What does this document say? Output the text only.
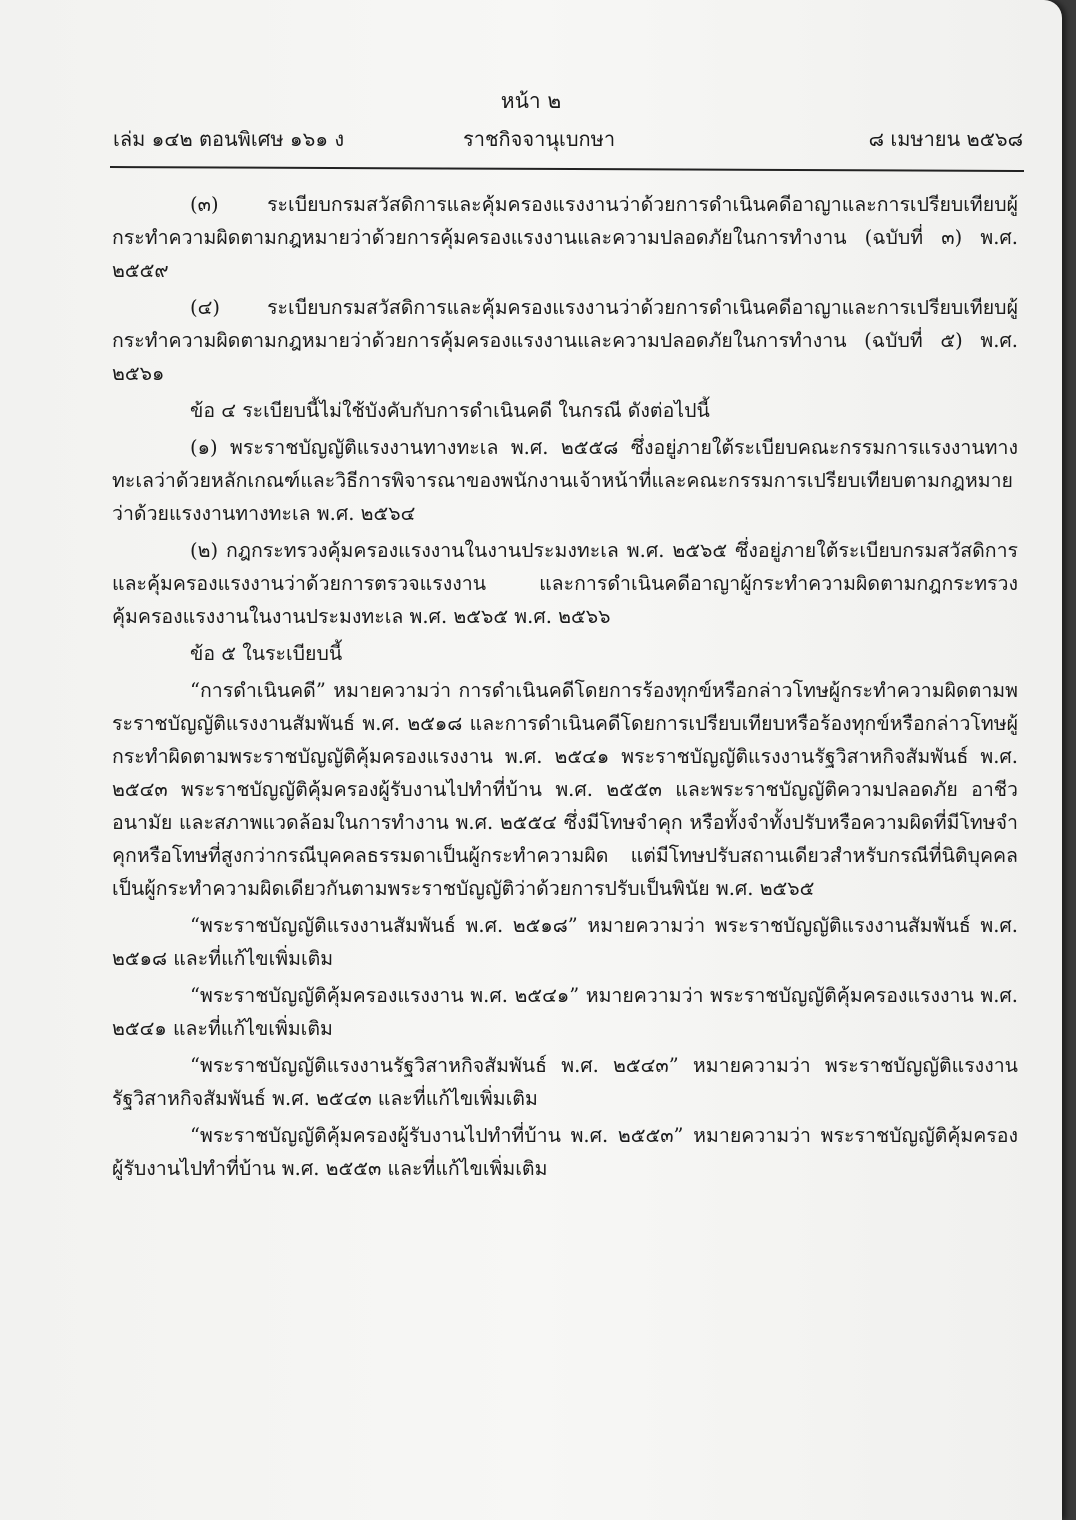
หน้า ๒
เล่ม ๑๔๒ ตอนพิเศษ ๑๖๑ ง	ราชกิจจานุเบกษา	๘ เมษายน ๒๕๖๘

(๓) ระเบียบกรมสวัสดิการและคุ้มครองแรงงานว่าด้วยการดำเนินคดีอาญาและการเปรียบเทียบผู้กระทำความผิดตามกฎหมายว่าด้วยการคุ้มครองแรงงานและความปลอดภัยในการทำงาน (ฉบับที่ ๓) พ.ศ. ๒๕๕๙

(๔) ระเบียบกรมสวัสดิการและคุ้มครองแรงงานว่าด้วยการดำเนินคดีอาญาและการเปรียบเทียบผู้กระทำความผิดตามกฎหมายว่าด้วยการคุ้มครองแรงงานและความปลอดภัยในการทำงาน (ฉบับที่ ๕) พ.ศ. ๒๕๖๑

ข้อ ๔ ระเบียบนี้ไม่ใช้บังคับกับการดำเนินคดี ในกรณี ดังต่อไปนี้

(๑) พระราชบัญญัติแรงงานทางทะเล พ.ศ. ๒๕๕๘ ซึ่งอยู่ภายใต้ระเบียบคณะกรรมการแรงงานทางทะเลว่าด้วยหลักเกณฑ์และวิธีการพิจารณาของพนักงานเจ้าหน้าที่และคณะกรรมการเปรียบเทียบตามกฎหมายว่าด้วยแรงงานทางทะเล พ.ศ. ๒๕๖๔

(๒) กฎกระทรวงคุ้มครองแรงงานในงานประมงทะเล พ.ศ. ๒๕๖๕ ซึ่งอยู่ภายใต้ระเบียบกรมสวัสดิการและคุ้มครองแรงงานว่าด้วยการตรวจแรงงาน และการดำเนินคดีอาญาผู้กระทำความผิดตามกฎกระทรวงคุ้มครองแรงงานในงานประมงทะเล พ.ศ. ๒๕๖๕ พ.ศ. ๒๕๖๖

ข้อ ๕ ในระเบียบนี้

“การดำเนินคดี” หมายความว่า การดำเนินคดีโดยการร้องทุกข์หรือกล่าวโทษผู้กระทำความผิดตามพระราชบัญญัติแรงงานสัมพันธ์ พ.ศ. ๒๕๑๘ และการดำเนินคดีโดยการเปรียบเทียบหรือร้องทุกข์หรือกล่าวโทษผู้กระทำผิดตามพระราชบัญญัติคุ้มครองแรงงาน พ.ศ. ๒๕๔๑ พระราชบัญญัติแรงงานรัฐวิสาหกิจสัมพันธ์ พ.ศ. ๒๕๔๓ พระราชบัญญัติคุ้มครองผู้รับงานไปทำที่บ้าน พ.ศ. ๒๕๕๓ และพระราชบัญญัติความปลอดภัย อาชีวอนามัย และสภาพแวดล้อมในการทำงาน พ.ศ. ๒๕๕๔ ซึ่งมีโทษจำคุก หรือทั้งจำทั้งปรับหรือความผิดที่มีโทษจำคุกหรือโทษที่สูงกว่ากรณีบุคคลธรรมดาเป็นผู้กระทำความผิด แต่มีโทษปรับสถานเดียวสำหรับกรณีที่นิติบุคคลเป็นผู้กระทำความผิดเดียวกันตามพระราชบัญญัติว่าด้วยการปรับเป็นพินัย พ.ศ. ๒๕๖๕

“พระราชบัญญัติแรงงานสัมพันธ์ พ.ศ. ๒๕๑๘” หมายความว่า พระราชบัญญัติแรงงานสัมพันธ์ พ.ศ. ๒๕๑๘ และที่แก้ไขเพิ่มเติม

“พระราชบัญญัติคุ้มครองแรงงาน พ.ศ. ๒๕๔๑” หมายความว่า พระราชบัญญัติคุ้มครองแรงงาน พ.ศ. ๒๕๔๑ และที่แก้ไขเพิ่มเติม

“พระราชบัญญัติแรงงานรัฐวิสาหกิจสัมพันธ์ พ.ศ. ๒๕๔๓” หมายความว่า พระราชบัญญัติแรงงานรัฐวิสาหกิจสัมพันธ์ พ.ศ. ๒๕๔๓ และที่แก้ไขเพิ่มเติม

“พระราชบัญญัติคุ้มครองผู้รับงานไปทำที่บ้าน พ.ศ. ๒๕๕๓” หมายความว่า พระราชบัญญัติคุ้มครองผู้รับงานไปทำที่บ้าน พ.ศ. ๒๕๕๓ และที่แก้ไขเพิ่มเติม
